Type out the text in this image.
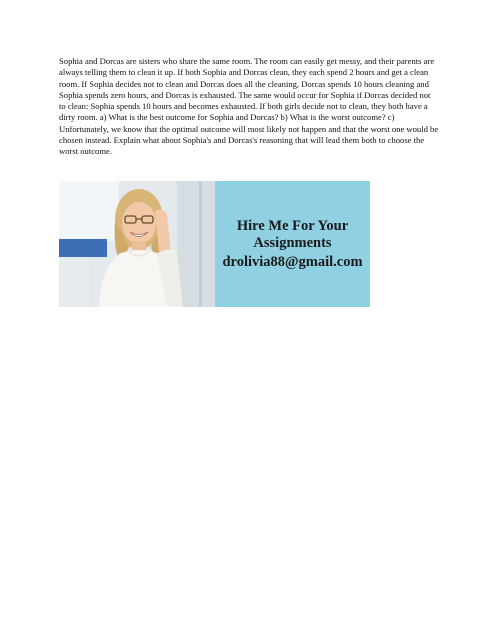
Sophia and Dorcas are sisters who share the same room. The room can easily get messy, and their parents are always telling them to clean it up. If both Sophia and Dorcas clean, they each spend 2 hours and get a clean room. If Sophia decides not to clean and Dorcas does all the cleaning, Dorcas spends 10 hours cleaning and Sophia spends zero hours, and Dorcas is exhausted. The same would occur for Sophia if Dorcas decided not to clean: Sophia spends 10 hours and becomes exhausted. If both girls decide not to clean, they both have a dirty room. a) What is the best outcome for Sophia and Dorcas? b) What is the worst outcome? c) Unfortunately, we know that the optimal outcome will most likely not happen and that the worst one would be chosen instead. Explain what about Sophia's and Dorcas's reasoning that will lead them both to choose the worst outcome.

Hire Me For Your
Assignments
drolivia88@gmail.com
